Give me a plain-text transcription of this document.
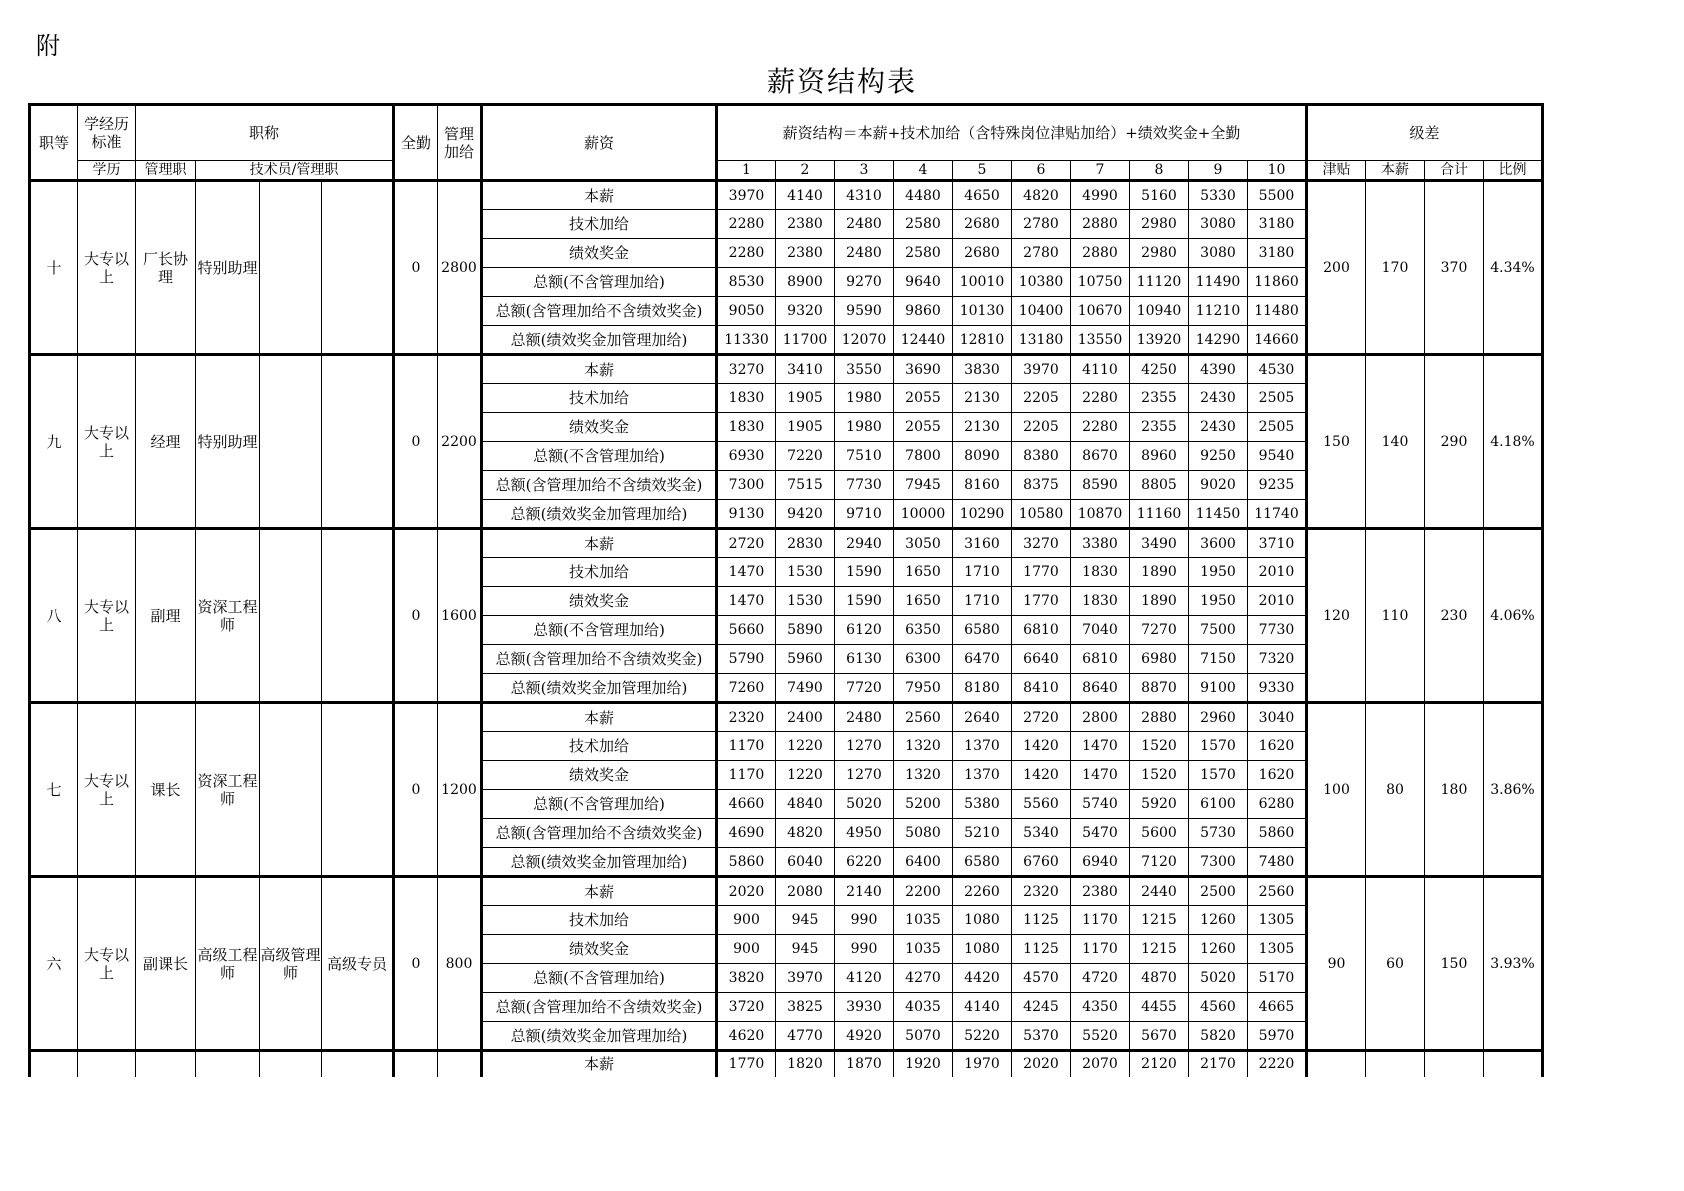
附
薪资结构表
职等	学经历标准	职称				全勤	管理加给	薪资	薪资结构＝本薪+技术加给（含特殊岗位津贴加给）+绩效奖金+全勤										级差			
	学历	管理职	技术员/管理职						1	2	3	4	5	6	7	8	9	10	津贴	本薪	合计	比例
十	大专以上	厂长协理	特别助理			0	2800	本薪	3970	4140	4310	4480	4650	4820	4990	5160	5330	5500	200	170	370	4.34%
								技术加给	2280	2380	2480	2580	2680	2780	2880	2980	3080	3180				
								绩效奖金	2280	2380	2480	2580	2680	2780	2880	2980	3080	3180				
								总额(不含管理加给)	8530	8900	9270	9640	10010	10380	10750	11120	11490	11860				
								总额(含管理加给不含绩效奖金)	9050	9320	9590	9860	10130	10400	10670	10940	11210	11480				
								总额(绩效奖金加管理加给)	11330	11700	12070	12440	12810	13180	13550	13920	14290	14660				
九	大专以上	经理	特别助理			0	2200	本薪	3270	3410	3550	3690	3830	3970	4110	4250	4390	4530	150	140	290	4.18%
								技术加给	1830	1905	1980	2055	2130	2205	2280	2355	2430	2505				
								绩效奖金	1830	1905	1980	2055	2130	2205	2280	2355	2430	2505				
								总额(不含管理加给)	6930	7220	7510	7800	8090	8380	8670	8960	9250	9540				
								总额(含管理加给不含绩效奖金)	7300	7515	7730	7945	8160	8375	8590	8805	9020	9235				
								总额(绩效奖金加管理加给)	9130	9420	9710	10000	10290	10580	10870	11160	11450	11740				
八	大专以上	副理	资深工程师			0	1600	本薪	2720	2830	2940	3050	3160	3270	3380	3490	3600	3710	120	110	230	4.06%
								技术加给	1470	1530	1590	1650	1710	1770	1830	1890	1950	2010				
								绩效奖金	1470	1530	1590	1650	1710	1770	1830	1890	1950	2010				
								总额(不含管理加给)	5660	5890	6120	6350	6580	6810	7040	7270	7500	7730				
								总额(含管理加给不含绩效奖金)	5790	5960	6130	6300	6470	6640	6810	6980	7150	7320				
								总额(绩效奖金加管理加给)	7260	7490	7720	7950	8180	8410	8640	8870	9100	9330				
七	大专以上	课长	资深工程师			0	1200	本薪	2320	2400	2480	2560	2640	2720	2800	2880	2960	3040	100	80	180	3.86%
								技术加给	1170	1220	1270	1320	1370	1420	1470	1520	1570	1620				
								绩效奖金	1170	1220	1270	1320	1370	1420	1470	1520	1570	1620				
								总额(不含管理加给)	4660	4840	5020	5200	5380	5560	5740	5920	6100	6280				
								总额(含管理加给不含绩效奖金)	4690	4820	4950	5080	5210	5340	5470	5600	5730	5860				
								总额(绩效奖金加管理加给)	5860	6040	6220	6400	6580	6760	6940	7120	7300	7480				
六	大专以上	副课长	高级工程师	高级管理师	高级专员	0	800	本薪	2020	2080	2140	2200	2260	2320	2380	2440	2500	2560	90	60	150	3.93%
								技术加给	900	945	990	1035	1080	1125	1170	1215	1260	1305				
								绩效奖金	900	945	990	1035	1080	1125	1170	1215	1260	1305				
								总额(不含管理加给)	3820	3970	4120	4270	4420	4570	4720	4870	5020	5170				
								总额(含管理加给不含绩效奖金)	3720	3825	3930	4035	4140	4245	4350	4455	4560	4665				
								总额(绩效奖金加管理加给)	4620	4770	4920	5070	5220	5370	5520	5670	5820	5970				
								本薪	1770	1820	1870	1920	1970	2020	2070	2120	2170	2220				
